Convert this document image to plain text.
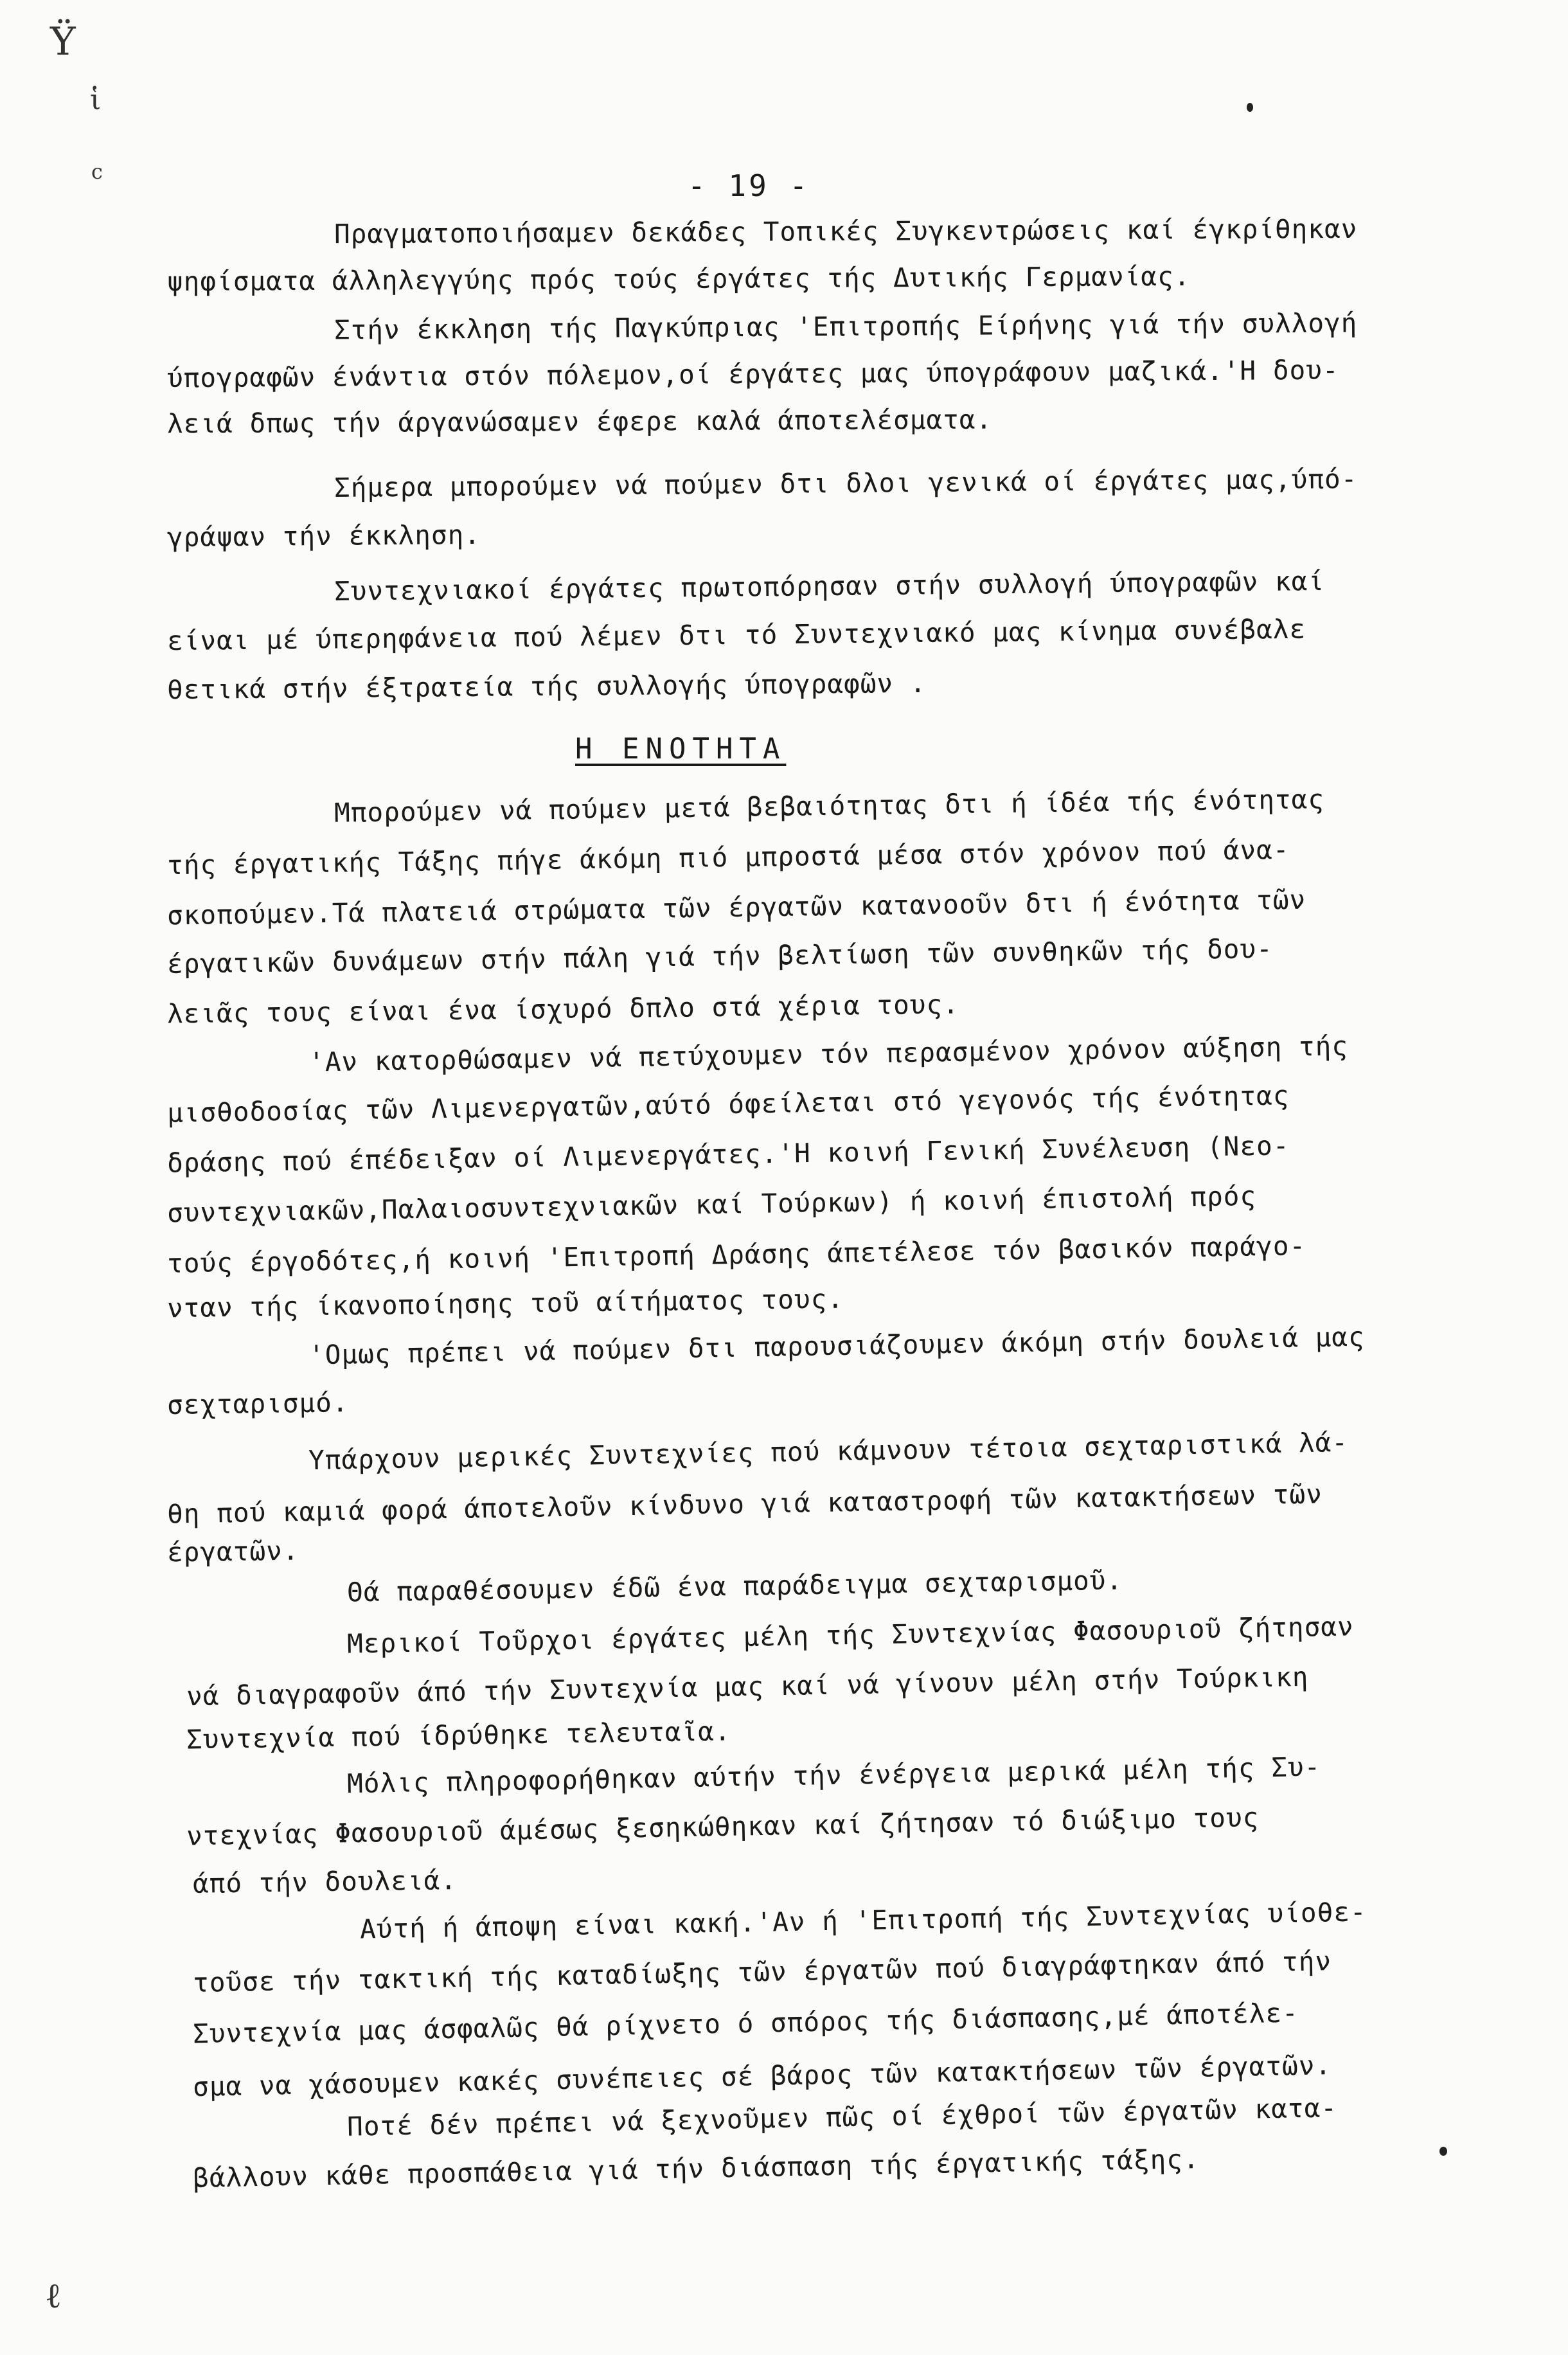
Ϋ
ἱ
c
ℓ
- 19 -
Πραγματοποιήσαμεν δεκάδες Τοπικές Συγκεντρώσεις καί έγκρίθηκαν
ψηφίσματα άλληλεγγύης πρός τούς έργάτες τής Δυτικής Γερμανίας.
Στήν έκκληση τής Παγκύπριας 'Επιτροπής Είρήνης γιά τήν συλλογή
ύπογραφῶν ένάντια στόν πόλεμον,οί έργάτες μας ύπογράφουν μαζικά.'Η δου-
λειά δπως τήν άργανώσαμεν έφερε καλά άποτελέσματα.
Σήμερα μπορούμεν νά πούμεν δτι δλοι γενικά οί έργάτες μας,ύπό-
γράψαν τήν έκκληση.
Συντεχνιακοί έργάτες πρωτοπόρησαν στήν συλλογή ύπογραφῶν καί
είναι μέ ύπερηφάνεια πού λέμεν δτι τό Συντεχνιακό μας κίνημα συνέβαλε
θετικά στήν έξτρατεία τής συλλογής ύπογραφῶν .
Η ΕΝΟΤΗΤΑ
Μπορούμεν νά πούμεν μετά βεβαιότητας δτι ή ίδέα τής ένότητας
τής έργατικής Τάξης πήγε άκόμη πιό μπροστά μέσα στόν χρόνον πού άνα-
σκοπούμεν.Τά πλατειά στρώματα τῶν έργατῶν κατανοοῦν δτι ή ένότητα τῶν
έργατικῶν δυνάμεων στήν πάλη γιά τήν βελτίωση τῶν συνθηκῶν τής δου-
λειᾶς τους είναι ένα ίσχυρό δπλο στά χέρια τους.
'Αν κατορθώσαμεν νά πετύχουμεν τόν περασμένον χρόνον αύξηση τής
μισθοδοσίας τῶν Λιμενεργατῶν,αύτό όφείλεται στό γεγονός τής ένότητας
δράσης πού έπέδειξαν οί Λιμενεργάτες.'Η κοινή Γενική Συνέλευση (Νεο-
συντεχνιακῶν,Παλαιοσυντεχνιακῶν καί Τούρκων) ή κοινή έπιστολή πρός
τούς έργοδότες,ή κοινή 'Επιτροπή Δράσης άπετέλεσε τόν βασικόν παράγο-
νταν τής ίκανοποίησης τοῦ αίτήματος τους.
'Ομως πρέπει νά πούμεν δτι παρουσιάζουμεν άκόμη στήν δουλειά μας
σεχταρισμό.
Υπάρχουν μερικές Συντεχνίες πού κάμνουν τέτοια σεχταριστικά λά-
θη πού καμιά φορά άποτελοῦν κίνδυνο γιά καταστροφή τῶν κατακτήσεων τῶν
έργατῶν.
Θά παραθέσουμεν έδῶ ένα παράδειγμα σεχταρισμοῦ.
Μερικοί Τοῦρχοι έργάτες μέλη τής Συντεχνίας Φασουριοῦ ζήτησαν
νά διαγραφοῦν άπό τήν Συντεχνία μας καί νά γίνουν μέλη στήν Τούρκικη
Συντεχνία πού ίδρύθηκε τελευταῖα.
Μόλις πληροφορήθηκαν αύτήν τήν ένέργεια μερικά μέλη τής Συ-
ντεχνίας Φασουριοῦ άμέσως ξεσηκώθηκαν καί ζήτησαν τό διώξιμο τους
άπό τήν δουλειά.
Αύτή ή άποψη είναι κακή.'Αν ή 'Επιτροπή τής Συντεχνίας υίοθε-
τοῦσε τήν τακτική τής καταδίωξης τῶν έργατῶν πού διαγράφτηκαν άπό τήν
Συντεχνία μας άσφαλῶς θά ρίχνετο ό σπόρος τής διάσπασης,μέ άποτέλε-
σμα να χάσουμεν κακές συνέπειες σέ βάρος τῶν κατακτήσεων τῶν έργατῶν.
Ποτέ δέν πρέπει νά ξεχνοῦμεν πῶς οί έχθροί τῶν έργατῶν κατα-
βάλλουν κάθε προσπάθεια γιά τήν διάσπαση τής έργατικής τάξης.
